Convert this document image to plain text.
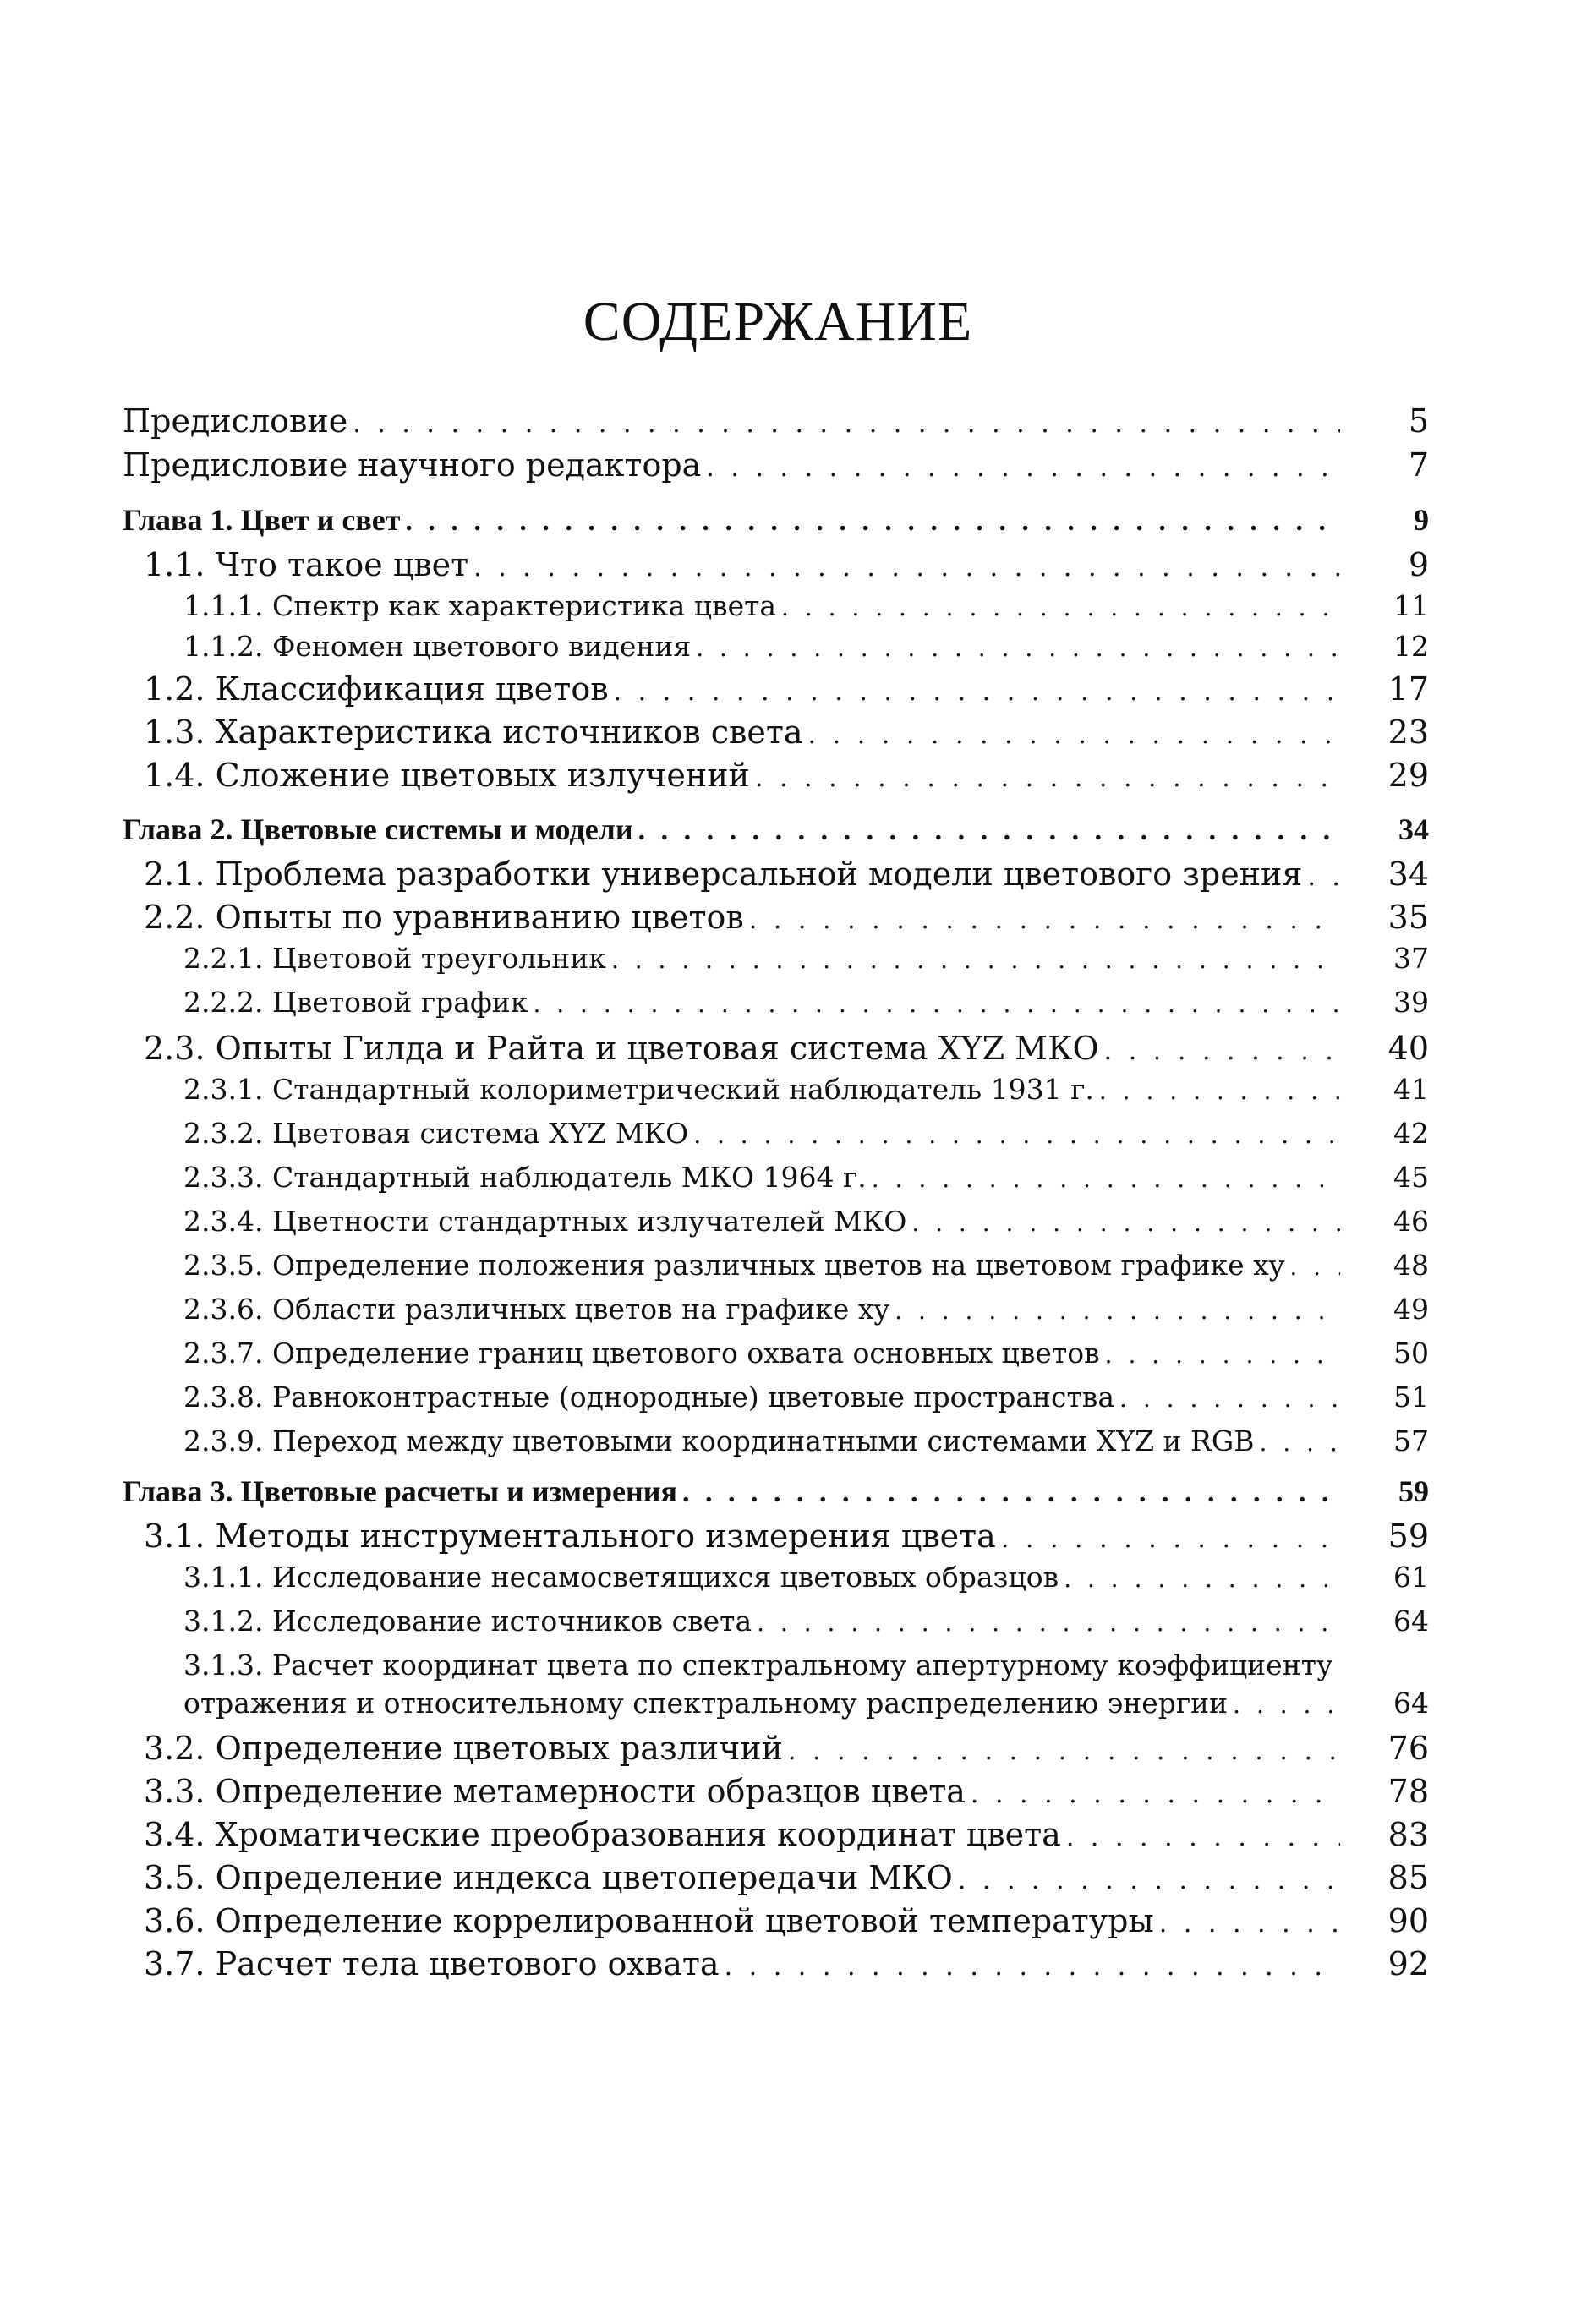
СОДЕРЖАНИЕ
Предисловие . . .	5
Предисловие научного редактора . . .	7
Глава 1. Цвет и свет . . .	9
1.1. Что такое цвет . . .	9
1.1.1. Спектр как характеристика цвета . . .	11
1.1.2. Феномен цветового видения . . .	12
1.2. Классификация цветов . . .	17
1.3. Характеристика источников света . . .	23
1.4. Сложение цветовых излучений . . .	29
Глава 2. Цветовые системы и модели . . .	34
2.1. Проблема разработки универсальной модели цветового зрения . . .	34
2.2. Опыты по уравниванию цветов . . .	35
2.2.1. Цветовой треугольник . . .	37
2.2.2. Цветовой график . . .	39
2.3. Опыты Гилда и Райта и цветовая система XYZ МКО . . .	40
2.3.1. Стандартный колориметрический наблюдатель 1931 г. . . .	41
2.3.2. Цветовая система XYZ МКО . . .	42
2.3.3. Стандартный наблюдатель МКО 1964 г. . . .	45
2.3.4. Цветности стандартных излучателей МКО . . .	46
2.3.5. Определение положения различных цветов на цветовом графике xy . . .	48
2.3.6. Области различных цветов на графике xy . . .	49
2.3.7. Определение границ цветового охвата основных цветов . . .	50
2.3.8. Равноконтрастные (однородные) цветовые пространства . . .	51
2.3.9. Переход между цветовыми координатными системами XYZ и RGB . . .	57
Глава 3. Цветовые расчеты и измерения . . .	59
3.1. Методы инструментального измерения цвета . . .	59
3.1.1. Исследование несамосветящихся цветовых образцов . . .	61
3.1.2. Исследование источников света . . .	64
3.1.3. Расчет координат цвета по спектральному апертурному коэффициенту
отражения и относительному спектральному распределению энергии . . .	64
3.2. Определение цветовых различий . . .	76
3.3. Определение метамерности образцов цвета . . .	78
3.4. Хроматические преобразования координат цвета . . .	83
3.5. Определение индекса цветопередачи МКО . . .	85
3.6. Определение коррелированной цветовой температуры . . .	90
3.7. Расчет тела цветового охвата . . .	92
